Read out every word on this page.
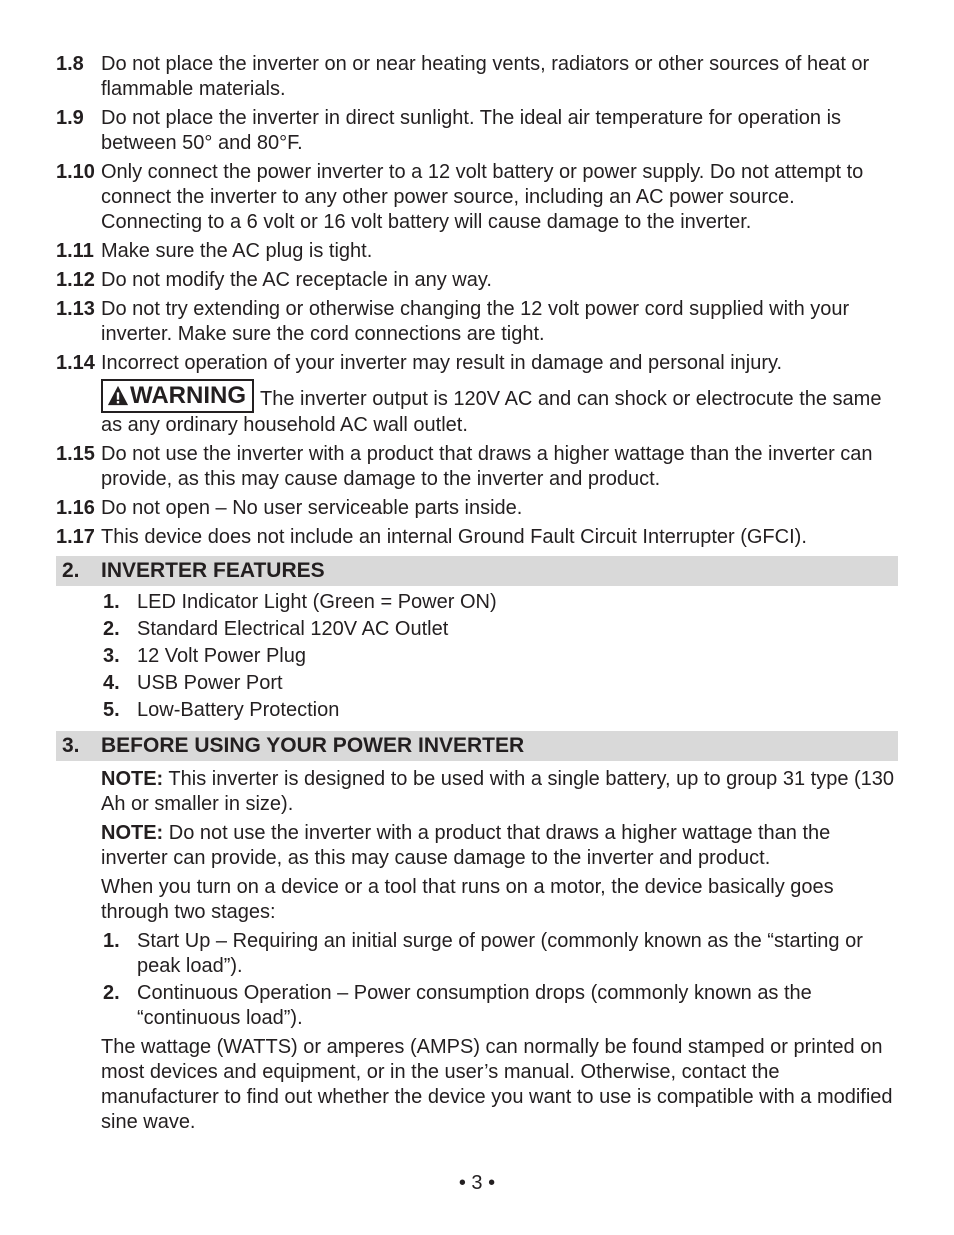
1.8 Do not place the inverter on or near heating vents, radiators or other sources of heat or flammable materials.
1.9 Do not place the inverter in direct sunlight. The ideal air temperature for operation is between 50° and 80°F.
1.10 Only connect the power inverter to a 12 volt battery or power supply. Do not attempt to connect the inverter to any other power source, including an AC power source. Connecting to a 6 volt or 16 volt battery will cause damage to the inverter.
1.11 Make sure the AC plug is tight.
1.12 Do not modify the AC receptacle in any way.
1.13 Do not try extending or otherwise changing the 12 volt power cord supplied with your inverter. Make sure the cord connections are tight.
1.14 Incorrect operation of your inverter may result in damage and personal injury.
WARNING The inverter output is 120V AC and can shock or electrocute the same as any ordinary household AC wall outlet.
1.15 Do not use the inverter with a product that draws a higher wattage than the inverter can provide, as this may cause damage to the inverter and product.
1.16 Do not open – No user serviceable parts inside.
1.17 This device does not include an internal Ground Fault Circuit Interrupter (GFCI).
2.	INVERTER FEATURES
1. LED Indicator Light (Green = Power ON)
2. Standard Electrical 120V AC Outlet
3. 12 Volt Power Plug
4. USB Power Port
5. Low-Battery Protection
3.	BEFORE USING YOUR POWER INVERTER
NOTE: This inverter is designed to be used with a single battery, up to group 31 type (130 Ah or smaller in size).
NOTE: Do not use the inverter with a product that draws a higher wattage than the inverter can provide, as this may cause damage to the inverter and product.
When you turn on a device or a tool that runs on a motor, the device basically goes through two stages:
1. Start Up – Requiring an initial surge of power (commonly known as the “starting or peak load”).
2. Continuous Operation – Power consumption drops (commonly known as the “continuous load”).
The wattage (WATTS) or amperes (AMPS) can normally be found stamped or printed on most devices and equipment, or in the user’s manual. Otherwise, contact the manufacturer to find out whether the device you want to use is compatible with a modified sine wave.
• 3 •
